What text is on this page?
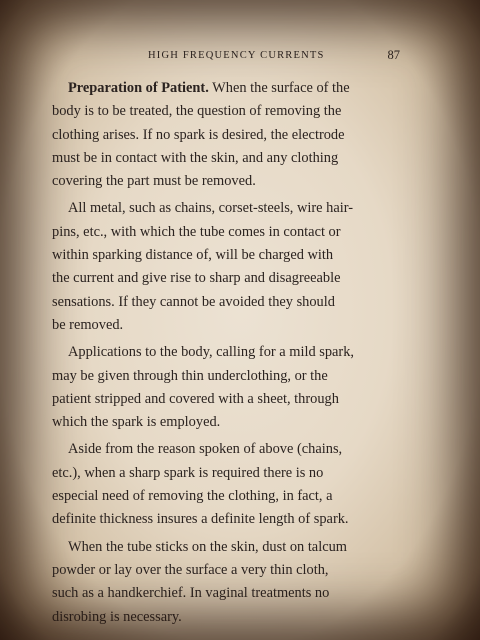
HIGH FREQUENCY CURRENTS	87

Preparation of Patient. When the surface of the
body is to be treated, the question of removing the
clothing arises. If no spark is desired, the electrode
must be in contact with the skin, and any clothing
covering the part must be removed.

All metal, such as chains, corset-steels, wire hair-
pins, etc., with which the tube comes in contact or
within sparking distance of, will be charged with
the current and give rise to sharp and disagreeable
sensations. If they cannot be avoided they should
be removed.

Applications to the body, calling for a mild spark,
may be given through thin underclothing, or the
patient stripped and covered with a sheet, through
which the spark is employed.

Aside from the reason spoken of above (chains,
etc.), when a sharp spark is required there is no
especial need of removing the clothing, in fact, a
definite thickness insures a definite length of spark.

When the tube sticks on the skin, dust on talcum
powder or lay over the surface a very thin cloth,
such as a handkerchief. In vaginal treatments no
disrobing is necessary.
